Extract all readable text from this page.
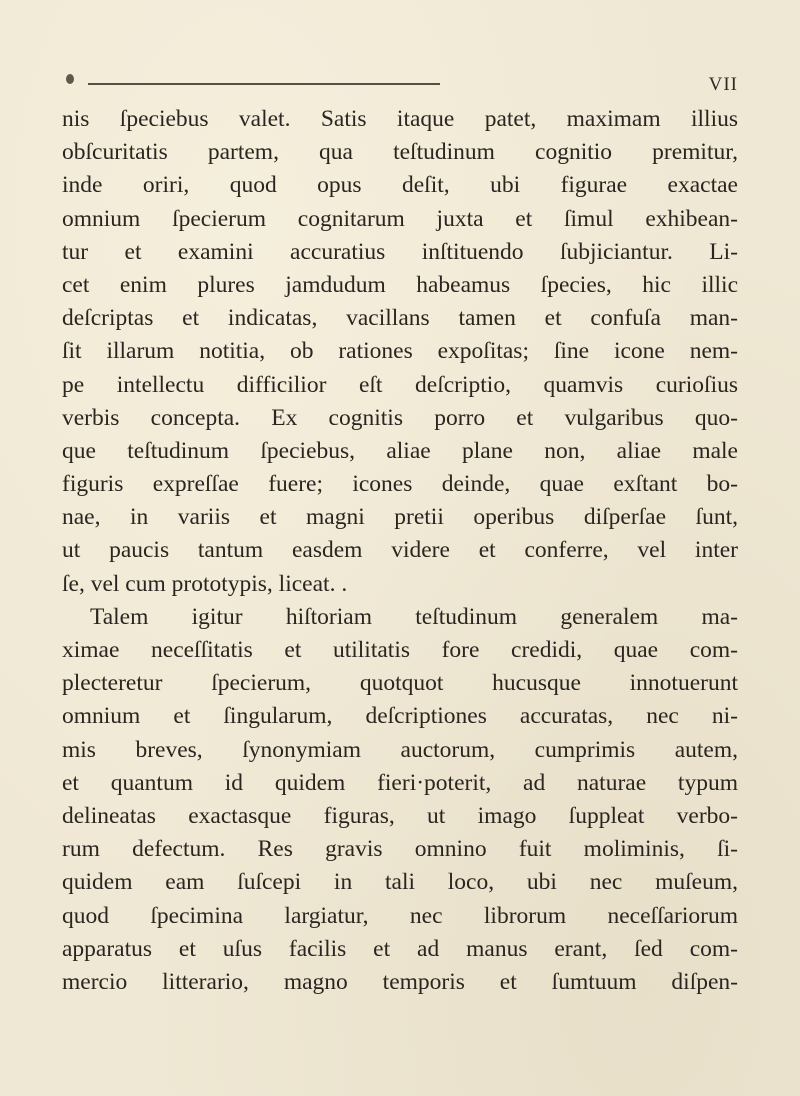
VII
nis ſpeciebus valet. Satis itaque patet, maximam illius
obſcuritatis partem, qua teſtudinum cognitio premitur,
inde oriri, quod opus deſit, ubi figurae exactae
omnium ſpecierum cognitarum juxta et ſimul exhibean-
tur et examini accuratius inſtituendo ſubjiciantur. Li-
cet enim plures jamdudum habeamus ſpecies, hic illic
deſcriptas et indicatas, vacillans tamen et confuſa man-
ſit illarum notitia, ob rationes expoſitas; ſine icone nem-
pe intellectu difficilior eſt deſcriptio, quamvis curioſius
verbis concepta. Ex cognitis porro et vulgaribus quo-
que teſtudinum ſpeciebus, aliae plane non, aliae male
figuris expreſſae fuere; icones deinde, quae exſtant bo-
nae, in variis et magni pretii operibus diſperſae ſunt,
ut paucis tantum easdem videre et conferre, vel inter
ſe, vel cum prototypis, liceat. .
Talem igitur hiſtoriam teſtudinum generalem ma-
ximae neceſſitatis et utilitatis fore credidi, quae com-
plecteretur ſpecierum, quotquot hucusque innotuerunt
omnium et ſingularum, deſcriptiones accuratas, nec ni-
mis breves, ſynonymiam auctorum, cumprimis autem,
et quantum id quidem fieri·poterit, ad naturae typum
delineatas exactasque figuras, ut imago ſuppleat verbo-
rum defectum. Res gravis omnino fuit moliminis, ſi-
quidem eam ſuſcepi in tali loco, ubi nec muſeum,
quod ſpecimina largiatur, nec librorum neceſſariorum
apparatus et uſus facilis et ad manus erant, ſed com-
mercio litterario, magno temporis et ſumtuum diſpen-
